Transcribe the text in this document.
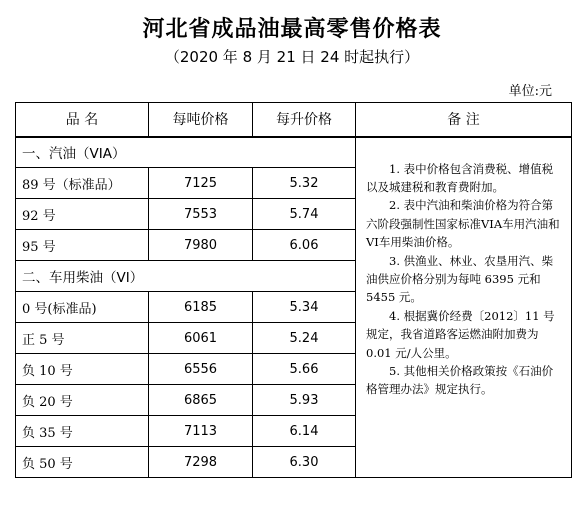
河北省成品油最高零售价格表
（2020 年 8 月 21 日 24 时起执行）
单位:元
品 名	每吨价格	每升价格	备 注
一、汽油（VIA）			1. 表中价格包含消费税、增值税以及城建税和教育费附加。

2. 表中汽油和柴油价格为符合第六阶段强制性国家标准VIA车用汽油和VI车用柴油价格。

3. 供渔业、林业、农垦用汽、柴油供应价格分别为每吨 6395 元和 5455 元。

4. 根据冀价经费〔2012〕11 号规定，我省道路客运燃油附加费为 0.01 元/人公里。

5. 其他相关价格政策按《石油价格管理办法》规定执行。

89 号（标准品）	7125	5.32	
92 号	7553	5.74	
95 号	7980	6.06	
二、车用柴油（VI）			
0 号(标准品)	6185	5.34	
正 5 号	6061	5.24	
负 10 号	6556	5.66	
负 20 号	6865	5.93	
负 35 号	7113	6.14	
负 50 号	7298	6.30	
